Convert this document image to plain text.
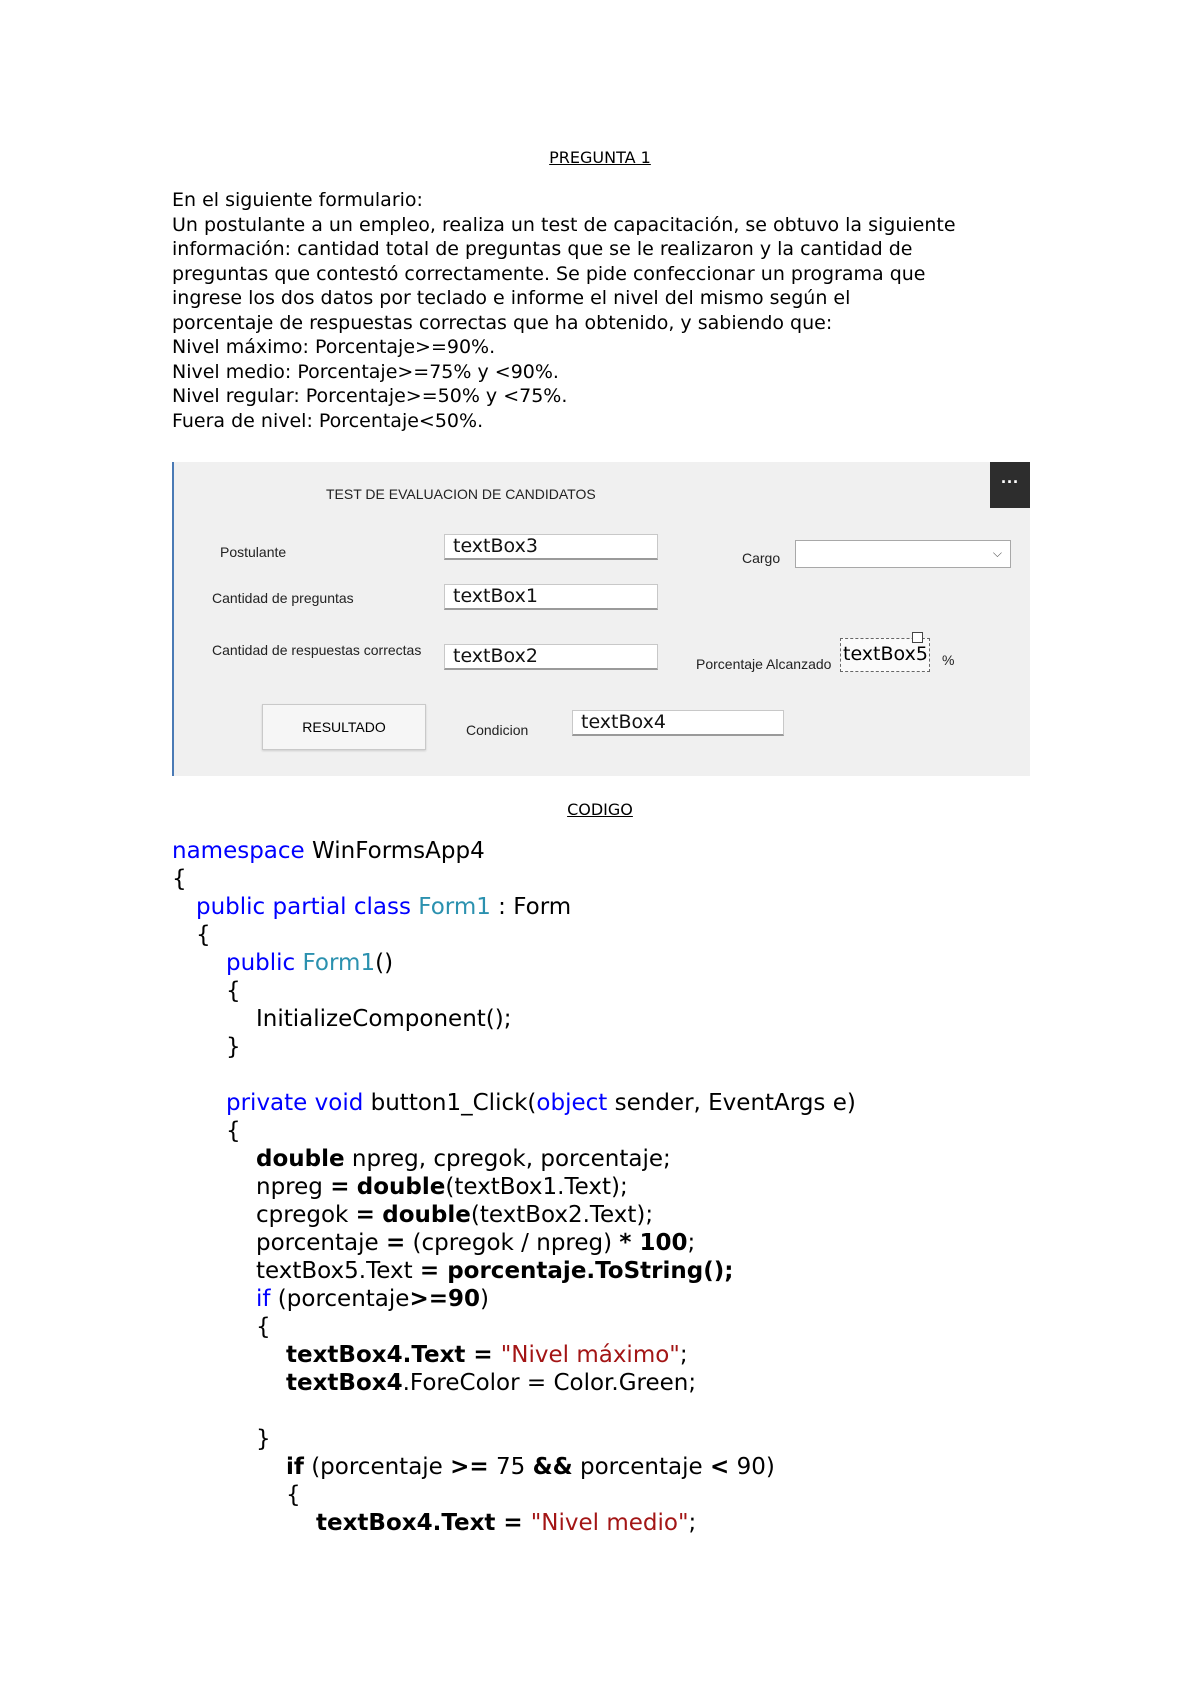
PREGUNTA 1
En el siguiente formulario:
Un postulante a un empleo, realiza un test de capacitación, se obtuvo la siguiente
información: cantidad total de preguntas que se le realizaron y la cantidad de
preguntas que contestó correctamente. Se pide confeccionar un programa que
ingrese los dos datos por teclado e informe el nivel del mismo según el
porcentaje de respuestas correctas que ha obtenido, y sabiendo que:
Nivel máximo: Porcentaje>=90%.
Nivel medio: Porcentaje>=75% y <90%.
Nivel regular: Porcentaje>=50% y <75%.
Fuera de nivel: Porcentaje<50%.
TEST DE EVALUACION DE CANDIDATOS
···
Postulante	textBox3
Cargo	⌵
Cantidad de preguntas	textBox1
Cantidad de respuestas correctas	textBox2	Porcentaje Alcanzado textBox5 %
RESULTADO	Condicion	textBox4
CODIGO
namespace WinFormsApp4
{
public partial class Form1 : Form
{
public Form1()
{
InitializeComponent();
}
private void button1_Click(object sender, EventArgs e)
{
double npreg, cpregok, porcentaje;
npreg = double(textBox1.Text);
cpregok = double(textBox2.Text);
porcentaje = (cpregok / npreg) * 100;
textBox5.Text = porcentaje.ToString();
if (porcentaje>=90)
{
textBox4.Text = "Nivel máximo";
textBox4.ForeColor = Color.Green;
}
if (porcentaje >= 75 && porcentaje < 90)
{
textBox4.Text = "Nivel medio";
